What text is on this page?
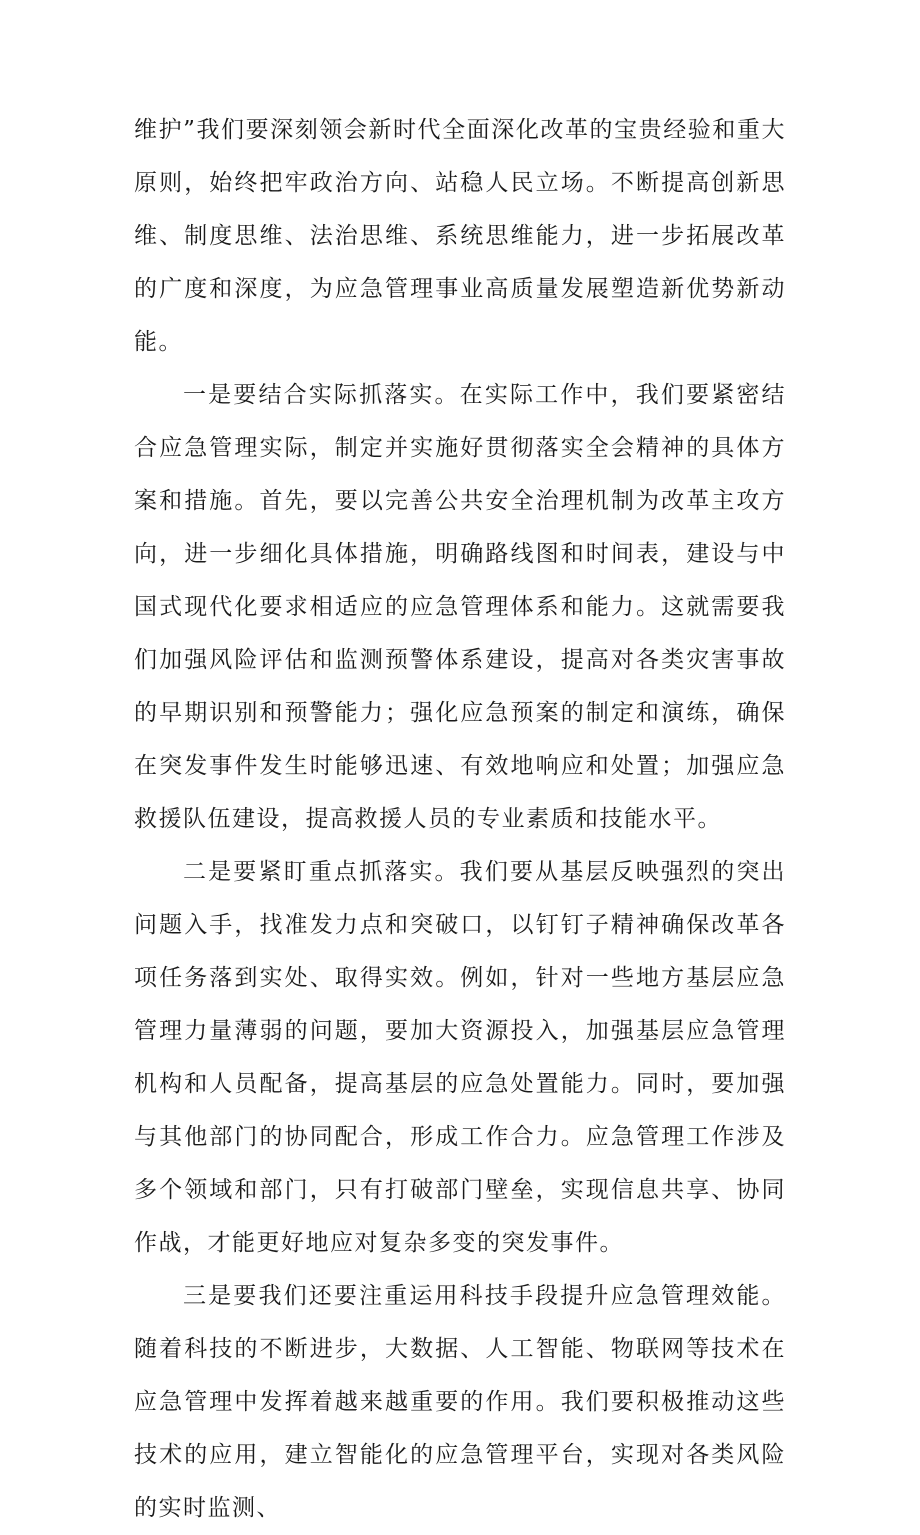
维护”我们要深刻领会新时代全面深化改革的宝贵经验和重大原则，始终把牢政治方向、站稳人民立场。不断提高创新思维、制度思维、法治思维、系统思维能力，进一步拓展改革的广度和深度，为应急管理事业高质量发展塑造新优势新动能。

一是要结合实际抓落实。在实际工作中，我们要紧密结合应急管理实际，制定并实施好贯彻落实全会精神的具体方案和措施。首先，要以完善公共安全治理机制为改革主攻方向，进一步细化具体措施，明确路线图和时间表，建设与中国式现代化要求相适应的应急管理体系和能力。这就需要我们加强风险评估和监测预警体系建设，提高对各类灾害事故的早期识别和预警能力；强化应急预案的制定和演练，确保在突发事件发生时能够迅速、有效地响应和处置；加强应急救援队伍建设，提高救援人员的专业素质和技能水平。

二是要紧盯重点抓落实。我们要从基层反映强烈的突出问题入手，找准发力点和突破口，以钉钉子精神确保改革各项任务落到实处、取得实效。例如，针对一些地方基层应急管理力量薄弱的问题，要加大资源投入，加强基层应急管理机构和人员配备，提高基层的应急处置能力。同时，要加强与其他部门的协同配合，形成工作合力。应急管理工作涉及多个领域和部门，只有打破部门壁垒，实现信息共享、协同作战，才能更好地应对复杂多变的突发事件。

三是要我们还要注重运用科技手段提升应急管理效能。随着科技的不断进步，大数据、人工智能、物联网等技术在应急管理中发挥着越来越重要的作用。我们要积极推动这些技术的应用，建立智能化的应急管理平台，实现对各类风险的实时监测、
